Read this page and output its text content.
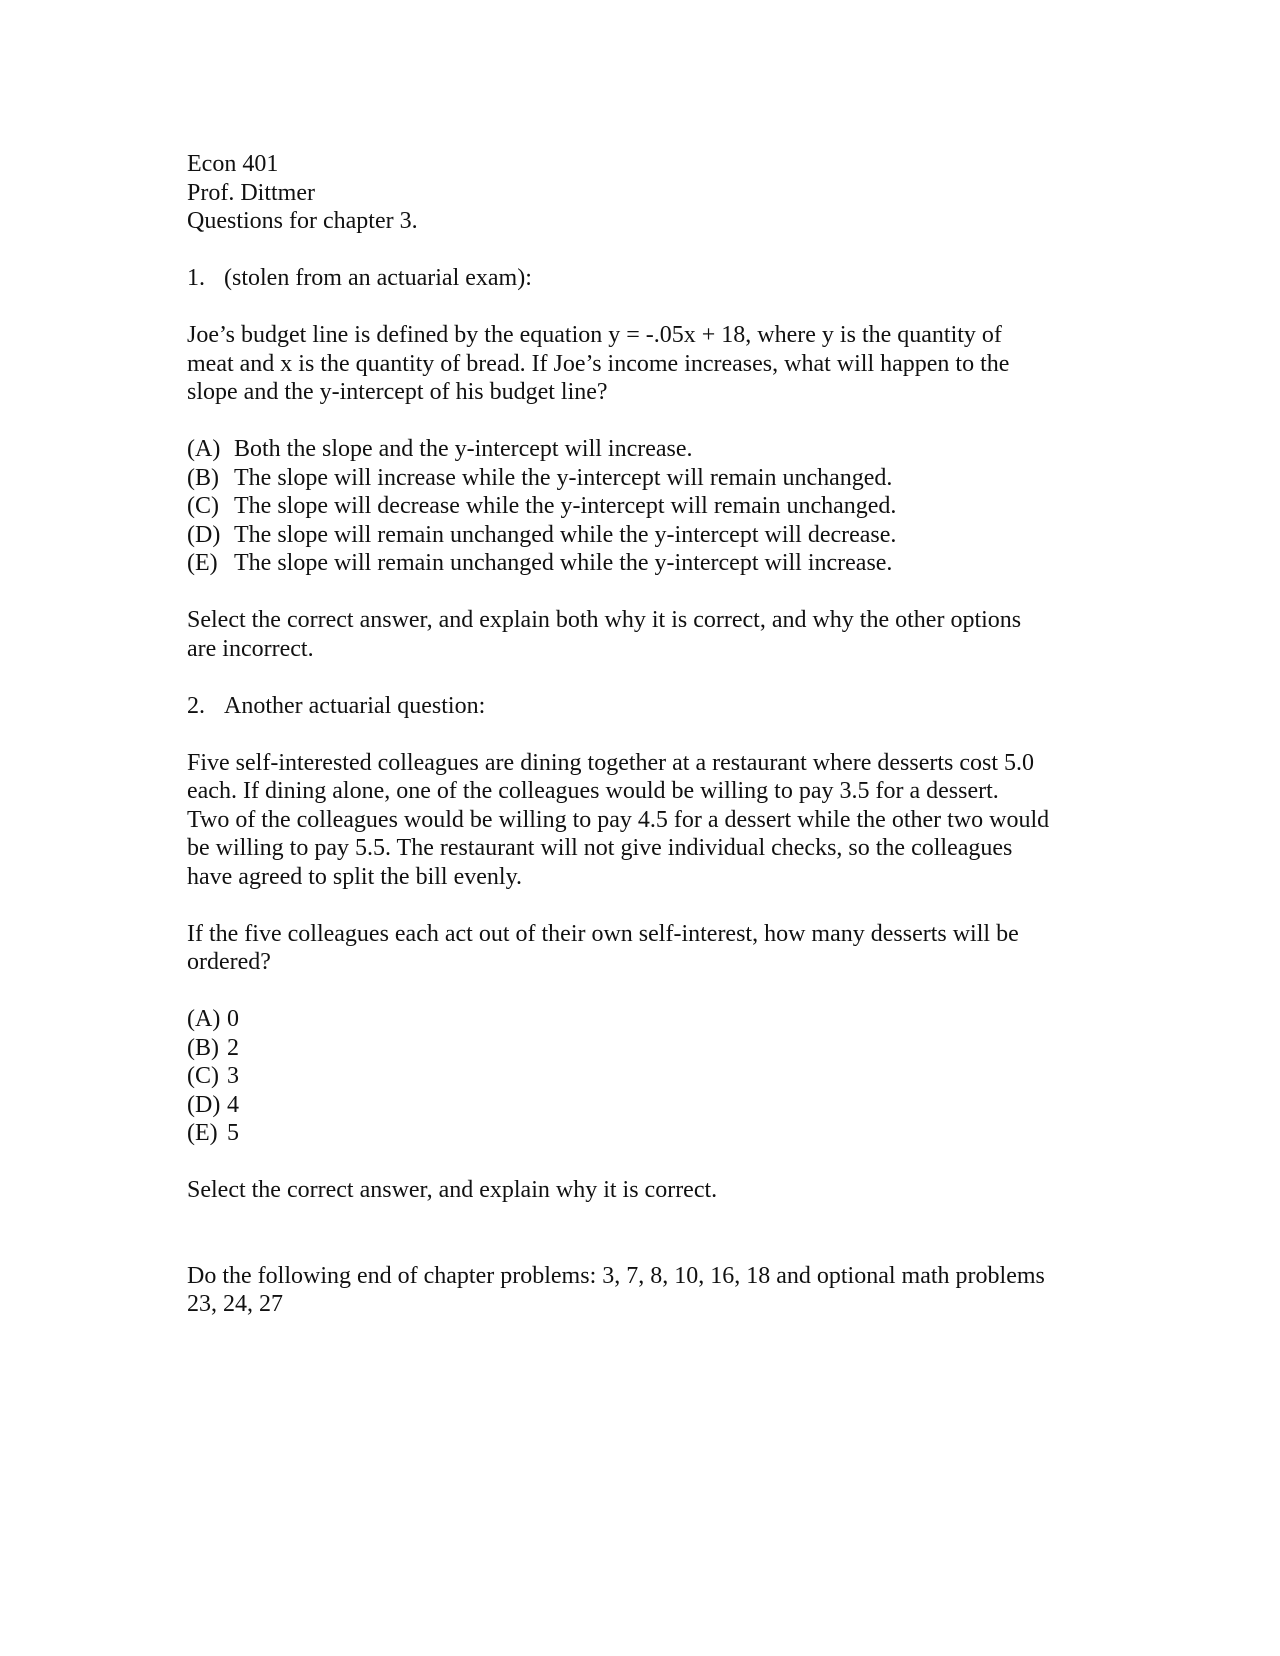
Econ 401
Prof. Dittmer
Questions for chapter 3.
1. (stolen from an actuarial exam):
Joe’s budget line is defined by the equation y = -.05x + 18, where y is the quantity of
meat and x is the quantity of bread. If Joe’s income increases, what will happen to the
slope and the y-intercept of his budget line?
(A) Both the slope and the y-intercept will increase.
(B) The slope will increase while the y-intercept will remain unchanged.
(C) The slope will decrease while the y-intercept will remain unchanged.
(D) The slope will remain unchanged while the y-intercept will decrease.
(E) The slope will remain unchanged while the y-intercept will increase.
Select the correct answer, and explain both why it is correct, and why the other options
are incorrect.
2. Another actuarial question:
Five self-interested colleagues are dining together at a restaurant where desserts cost 5.0
each. If dining alone, one of the colleagues would be willing to pay 3.5 for a dessert.
Two of the colleagues would be willing to pay 4.5 for a dessert while the other two would
be willing to pay 5.5. The restaurant will not give individual checks, so the colleagues
have agreed to split the bill evenly.
If the five colleagues each act out of their own self-interest, how many desserts will be
ordered?
(A) 0
(B) 2
(C) 3
(D) 4
(E) 5
Select the correct answer, and explain why it is correct.
Do the following end of chapter problems: 3, 7, 8, 10, 16, 18 and optional math problems
23, 24, 27
